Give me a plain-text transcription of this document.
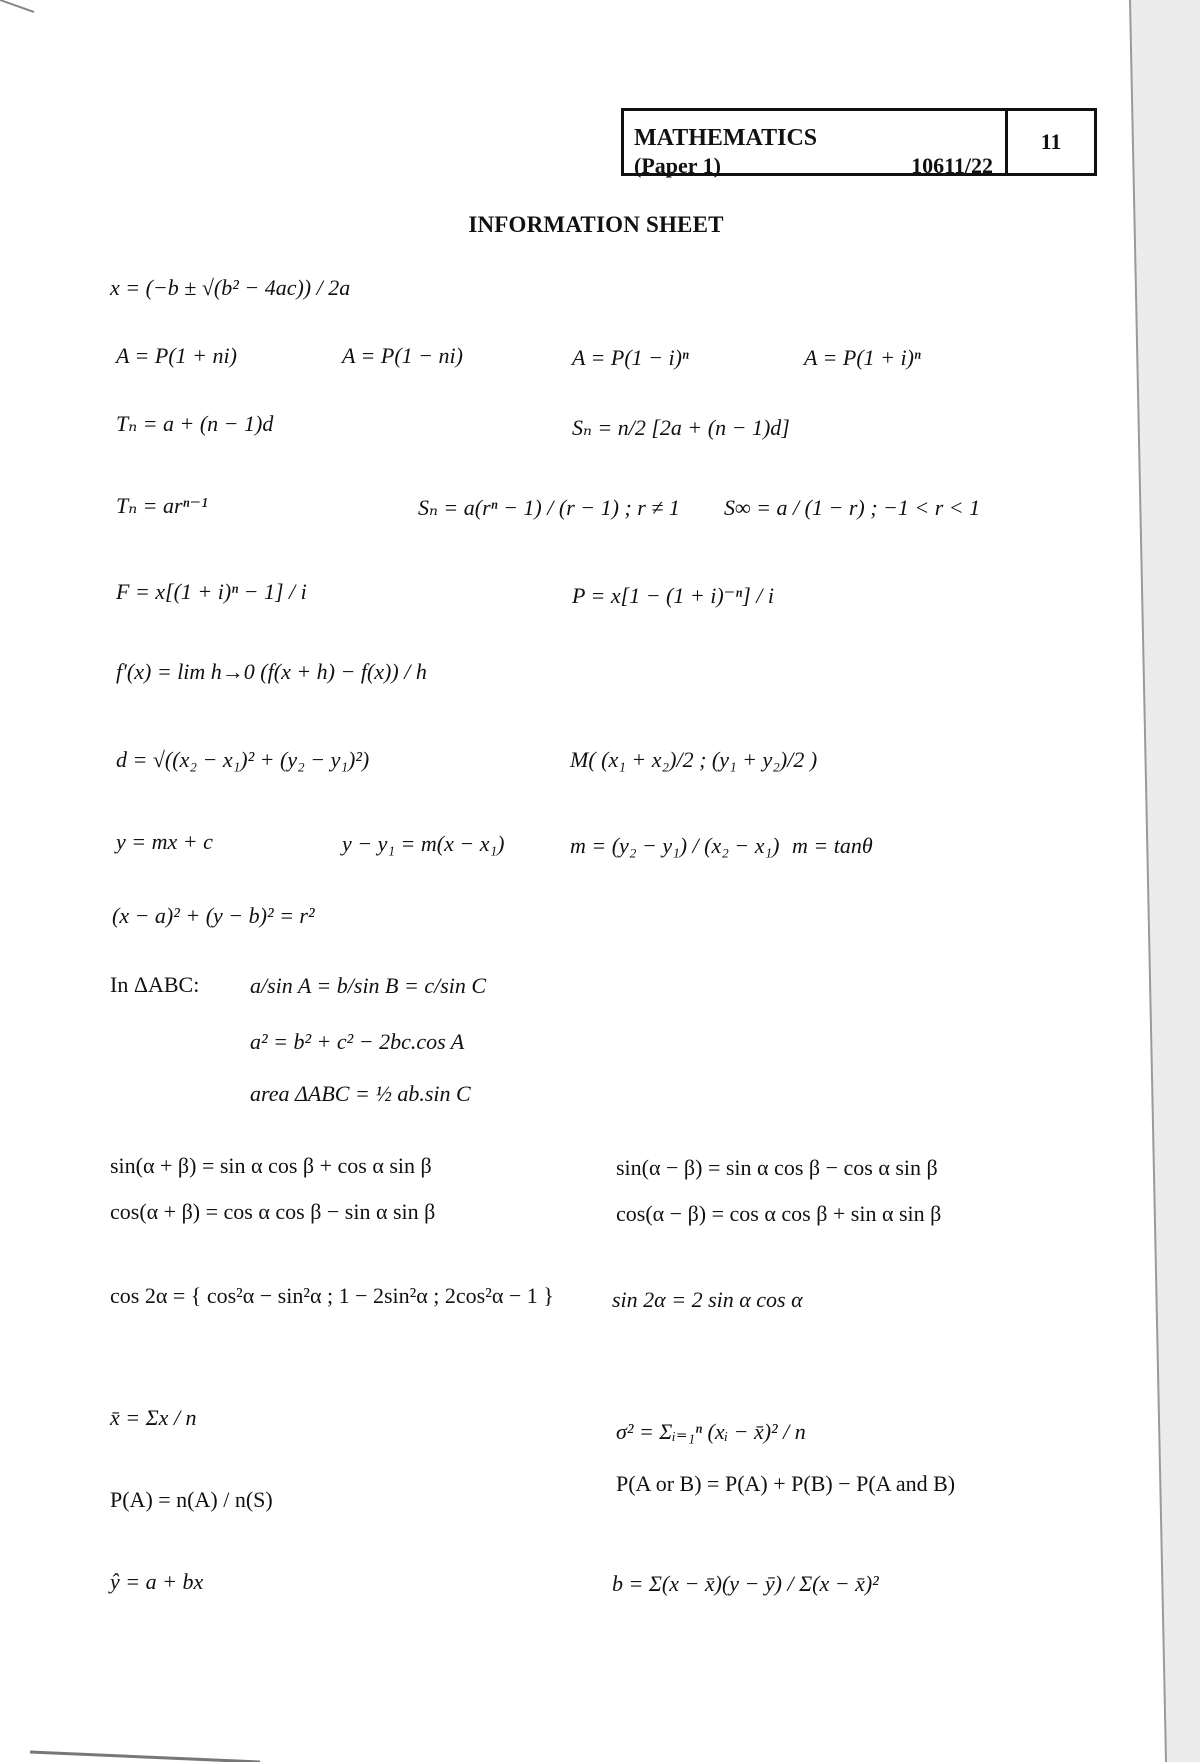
MATHEMATICS
(Paper 1)	10611/22
11
INFORMATION SHEET
x = (−b ± √(b² − 4ac)) / 2a
A = P(1 + ni)	A = P(1 − ni)	A = P(1 − i)ⁿ	A = P(1 + i)ⁿ
Tₙ = a + (n − 1)d	Sₙ = n/2 [2a + (n − 1)d]
Tₙ = arⁿ⁻¹	Sₙ = a(rⁿ − 1) / (r − 1) ; r ≠ 1 S∞ = a / (1 − r) ; −1 < r < 1
F = x[(1 + i)ⁿ − 1] / i	P = x[1 − (1 + i)⁻ⁿ] / i
f′(x) = lim h→0 (f(x + h) − f(x)) / h
d = √((x₂ − x₁)² + (y₂ − y₁)²)	M( (x₁ + x₂)/2 ; (y₁ + y₂)/2 )
y = mx + c	y − y₁ = m(x − x₁)	m = (y₂ − y₁) / (x₂ − x₁) m = tanθ
(x − a)² + (y − b)² = r²
In ΔABC: a/sin A = b/sin B = c/sin C
a² = b² + c² − 2bc.cos A
area ΔABC = ½ ab.sin C
sin(α + β) = sin α cos β + cos α sin β	sin(α − β) = sin α cos β − cos α sin β
cos(α + β) = cos α cos β − sin α sin β	cos(α − β) = cos α cos β + sin α sin β
cos 2α = { cos²α − sin²α ; 1 − 2sin²α ; 2cos²α − 1 }	sin 2α = 2 sin α cos α
x̄ = Σx / n
σ² = Σᵢ₌₁ⁿ (xᵢ − x̄)² / n
P(A) = n(A) / n(S)
P(A or B) = P(A) + P(B) − P(A and B)
ŷ = a + bx	b = Σ(x − x̄)(y − ȳ) / Σ(x − x̄)²
